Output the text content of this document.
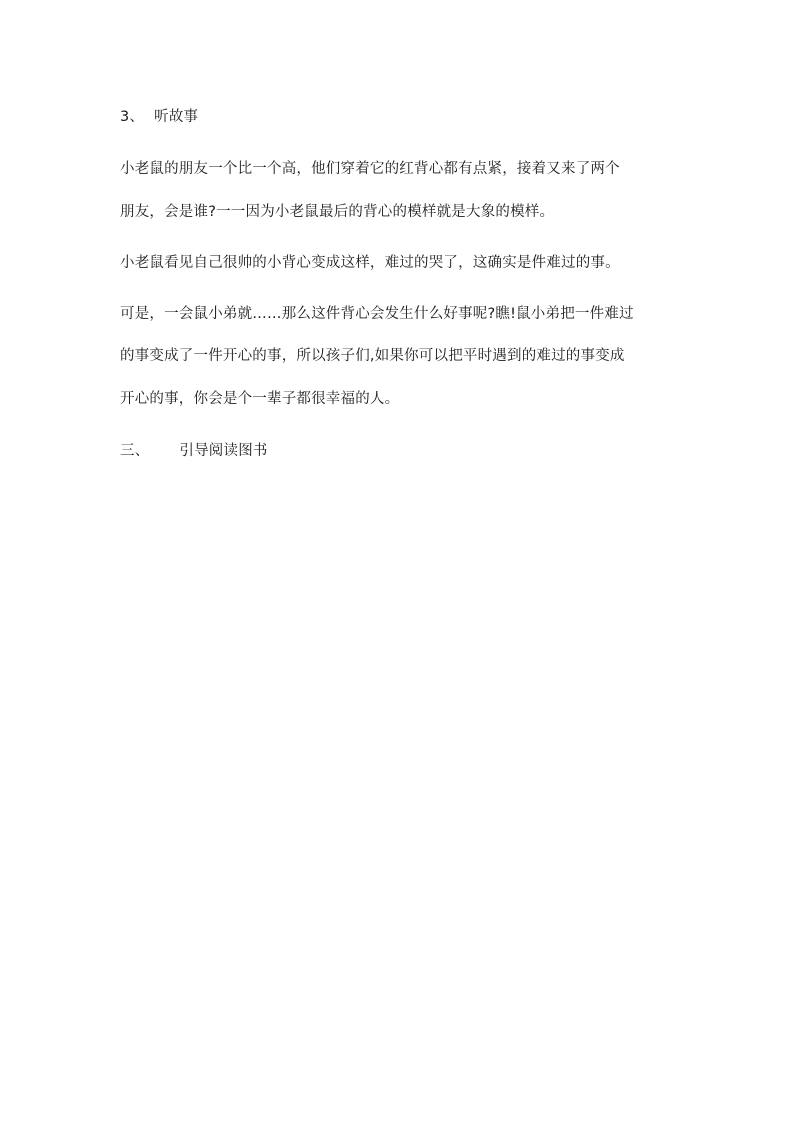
3、 听故事
小老鼠的朋友一个比一个高，他们穿着它的红背心都有点紧，接着又来了两个
朋友，会是谁?一一因为小老鼠最后的背心的模样就是大象的模样。
小老鼠看见自己很帅的小背心变成这样，难过的哭了，这确实是件难过的事。
可是，一会鼠小弟就……那么这件背心会发生什么好事呢?瞧!鼠小弟把一件难过
的事变成了一件开心的事，所以孩子们,如果你可以把平时遇到的难过的事变成
开心的事，你会是个一辈子都很幸福的人。
三、 引导阅读图书
